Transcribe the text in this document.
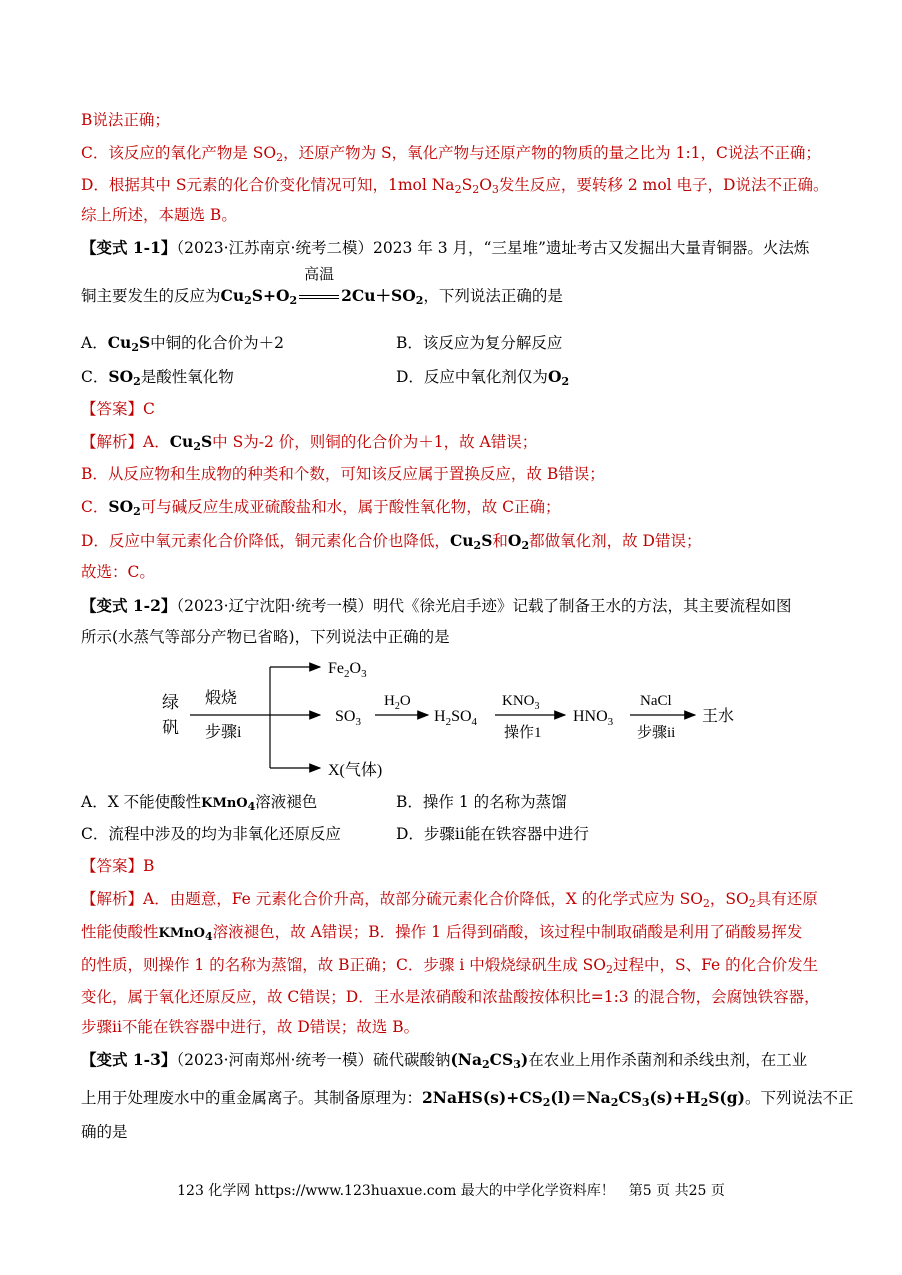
B说法正确；
C．该反应的氧化产物是 $SO_2$，还原产物为 S，氧化产物与还原产物的物质的量之比为 1:1，C说法不正确；
D．根据其中 S元素的化合价变化情况可知，1mol $Na_2S_2O_3$发生反应，要转移 2 mol 电子，D说法不正确。
综上所述，本题选 B。
【变式 1-1】（2023·江苏南京·统考二模）2023 年 3 月，“三星堆”遗址考古又发掘出大量青铜器。火法炼
铜主要发生的反应为$Cu_2S+O_2$
高温
$2Cu+SO_2$，下列说法正确的是
A．$Cu_2S$中铜的化合价为＋2	B．该反应为复分解反应
C．$SO_2$是酸性氧化物	D．反应中氧化剂仅为$O_2$
【答案】C
【解析】A．$Cu_2S$中 S为-2 价，则铜的化合价为＋1，故 A错误；
B．从反应物和生成物的种类和个数，可知该反应属于置换反应，故 B错误；
C．$SO_2$可与碱反应生成亚硫酸盐和水，属于酸性氧化物，故 C正确；
D．反应中氧元素化合价降低，铜元素化合价也降低，$Cu_2S$和$O_2$都做氧化剂，故 D错误；
故选：C。
【变式 1-2】（2023·辽宁沈阳·统考一模）明代《徐光启手迹》记载了制备王水的方法，其主要流程如图
所示(水蒸气等部分产物已省略)，下列说法中正确的是
绿
矾
煅烧
步骤i
$Fe_2O_3$
$SO_3$
X(气体)
$H_2O$
$H_2SO_4$
$KNO_3$
操作1
$HNO_3$
NaCl
步骤ii
王水
A．X 不能使酸性KMnO$_4$溶液褪色	B．操作 1 的名称为蒸馏
C．流程中涉及的均为非氧化还原反应	D．步骤ii能在铁容器中进行
【答案】B
【解析】A．由题意，Fe 元素化合价升高，故部分硫元素化合价降低，X 的化学式应为 $SO_2$，$SO_2$具有还原
性能使酸性KMnO$_4$溶液褪色，故 A错误；B．操作 1 后得到硝酸，该过程中制取硝酸是利用了硝酸易挥发
的性质，则操作 1 的名称为蒸馏，故 B正确；C．步骤 i 中煅烧绿矾生成 $SO_2$过程中，S、Fe 的化合价发生
变化，属于氧化还原反应，故 C错误；D．王水是浓硝酸和浓盐酸按体积比=1:3 的混合物，会腐蚀铁容器，
步骤ii不能在铁容器中进行，故 D错误；故选 B。
【变式 1-3】（2023·河南郑州·统考一模）硫代碳酸钠$(Na_2CS_3)$在农业上用作杀菌剂和杀线虫剂，在工业
上用于处理废水中的重金属离子。其制备原理为：$2NaHS(s)+CS_2(l)=Na_2CS_3(s)+H_2S(g)$。下列说法不正
确的是
123 化学网 https://www.123huaxue.com 最大的中学化学资料库！　第5 页 共25 页
